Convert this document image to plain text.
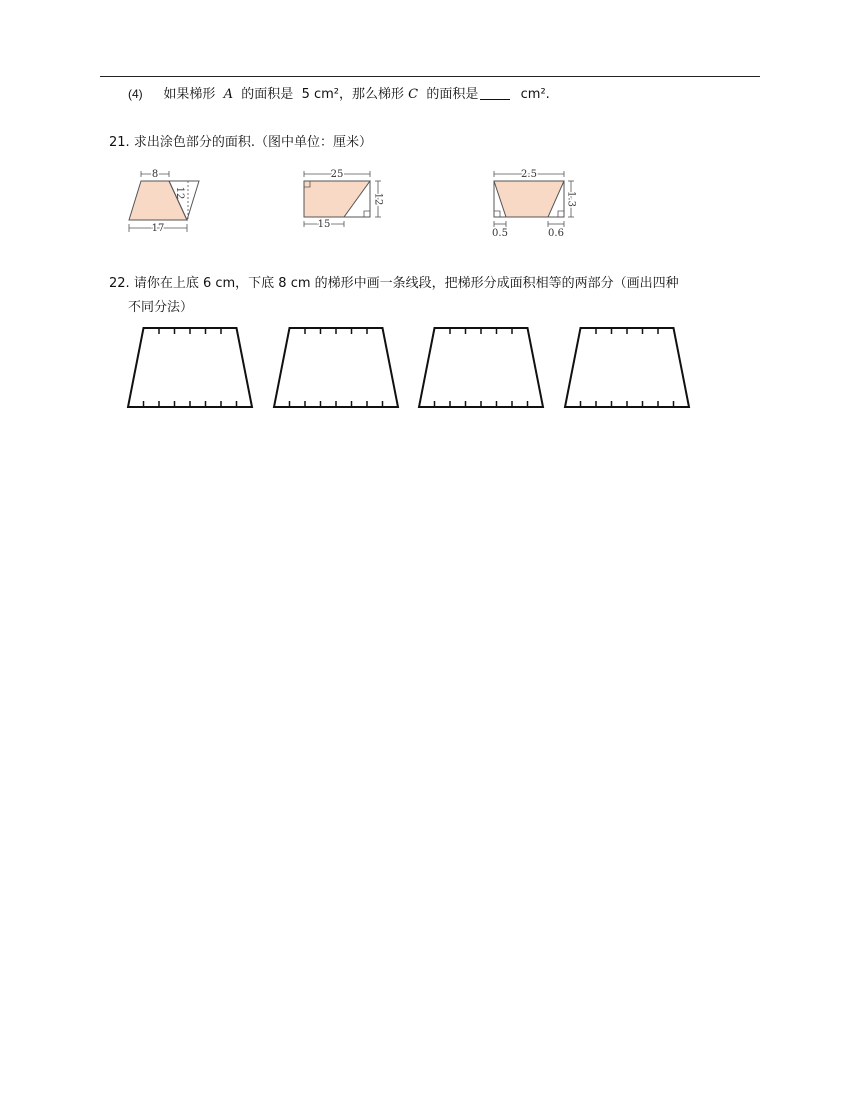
(4) 如果梯形 A 的面积是 5 cm²，那么梯形 C 的面积是	cm².
21. 求出涂色部分的面积.（图中单位：厘米）
8
12
17
25
12
15
2.5
1.3
0.5	0.6
22. 请你在上底 6 cm，下底 8 cm 的梯形中画一条线段，把梯形分成面积相等的两部分（画出四种
不同分法）
